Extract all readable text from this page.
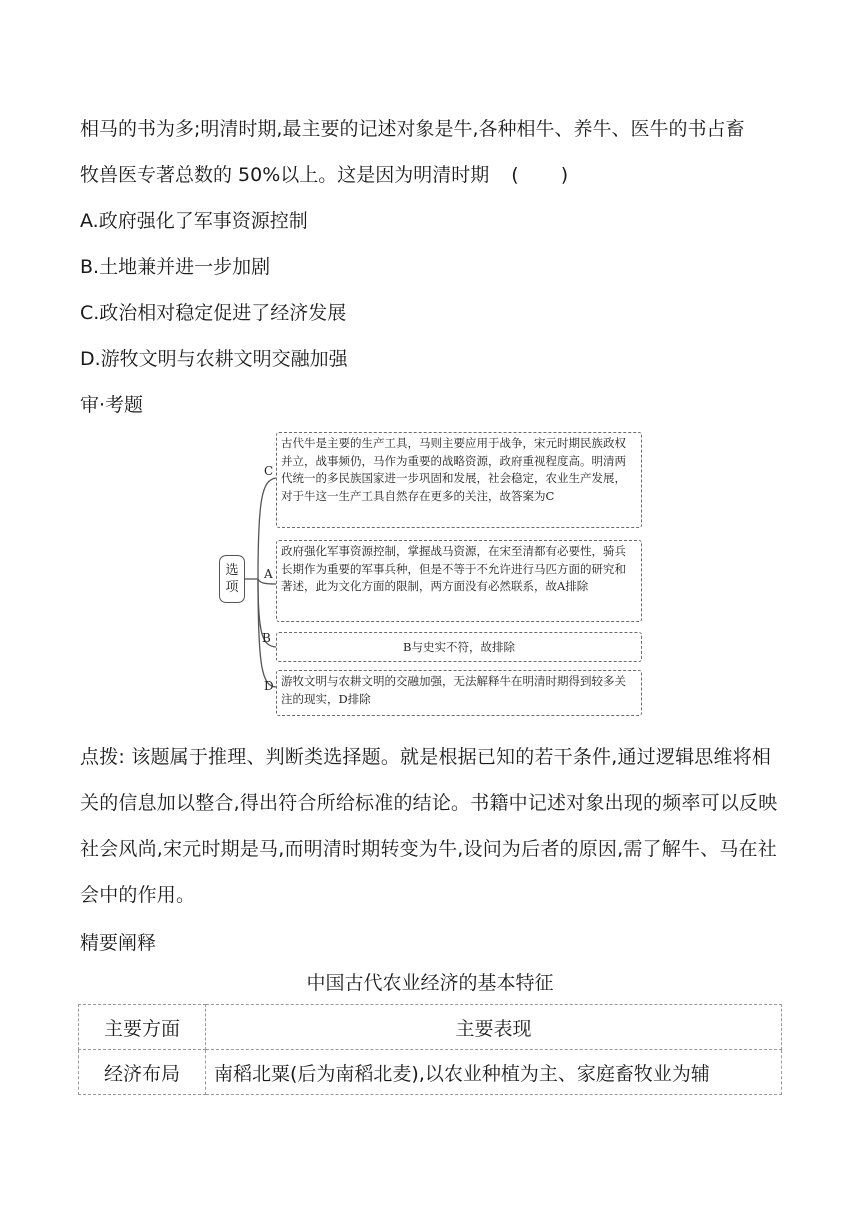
相马的书为多;明清时期,最主要的记述对象是牛,各种相牛、养牛、医牛的书占畜

牧兽医专著总数的 50%以上。这是因为明清时期 ( )

A.政府强化了军事资源控制

B.土地兼并进一步加剧

C.政治相对稳定促进了经济发展

D.游牧文明与农耕文明交融加强

审·考题

选
项
C
古代牛是主要的生产工具，马则主要应用于战争，宋元时期民族政权并立，战事频仍，马作为重要的战略资源，政府重视程度高。明清两代统一的多民族国家进一步巩固和发展，社会稳定，农业生产发展，对于牛这一生产工具自然存在更多的关注，故答案为C
A
政府强化军事资源控制，掌握战马资源，在宋至清都有必要性，骑兵长期作为重要的军事兵种，但是不等于不允许进行马匹方面的研究和著述，此为文化方面的限制，两方面没有必然联系，故A排除
B
B与史实不符，故排除
D 游牧文明与农耕文明的交融加强，无法解释牛在明清时期得到较多关注的现实，D排除

点拨: 该题属于推理、判断类选择题。就是根据已知的若干条件,通过逻辑思维将相关的信息加以整合,得出符合所给标准的结论。书籍中记述对象出现的频率可以反映社会风尚,宋元时期是马,而明清时期转变为牛,设问为后者的原因,需了解牛、马在社会中的作用。

精要阐释

中国古代农业经济的基本特征

主要方面	主要表现
经济布局	南稻北粟(后为南稻北麦),以农业种植为主、家庭畜牧业为辅
